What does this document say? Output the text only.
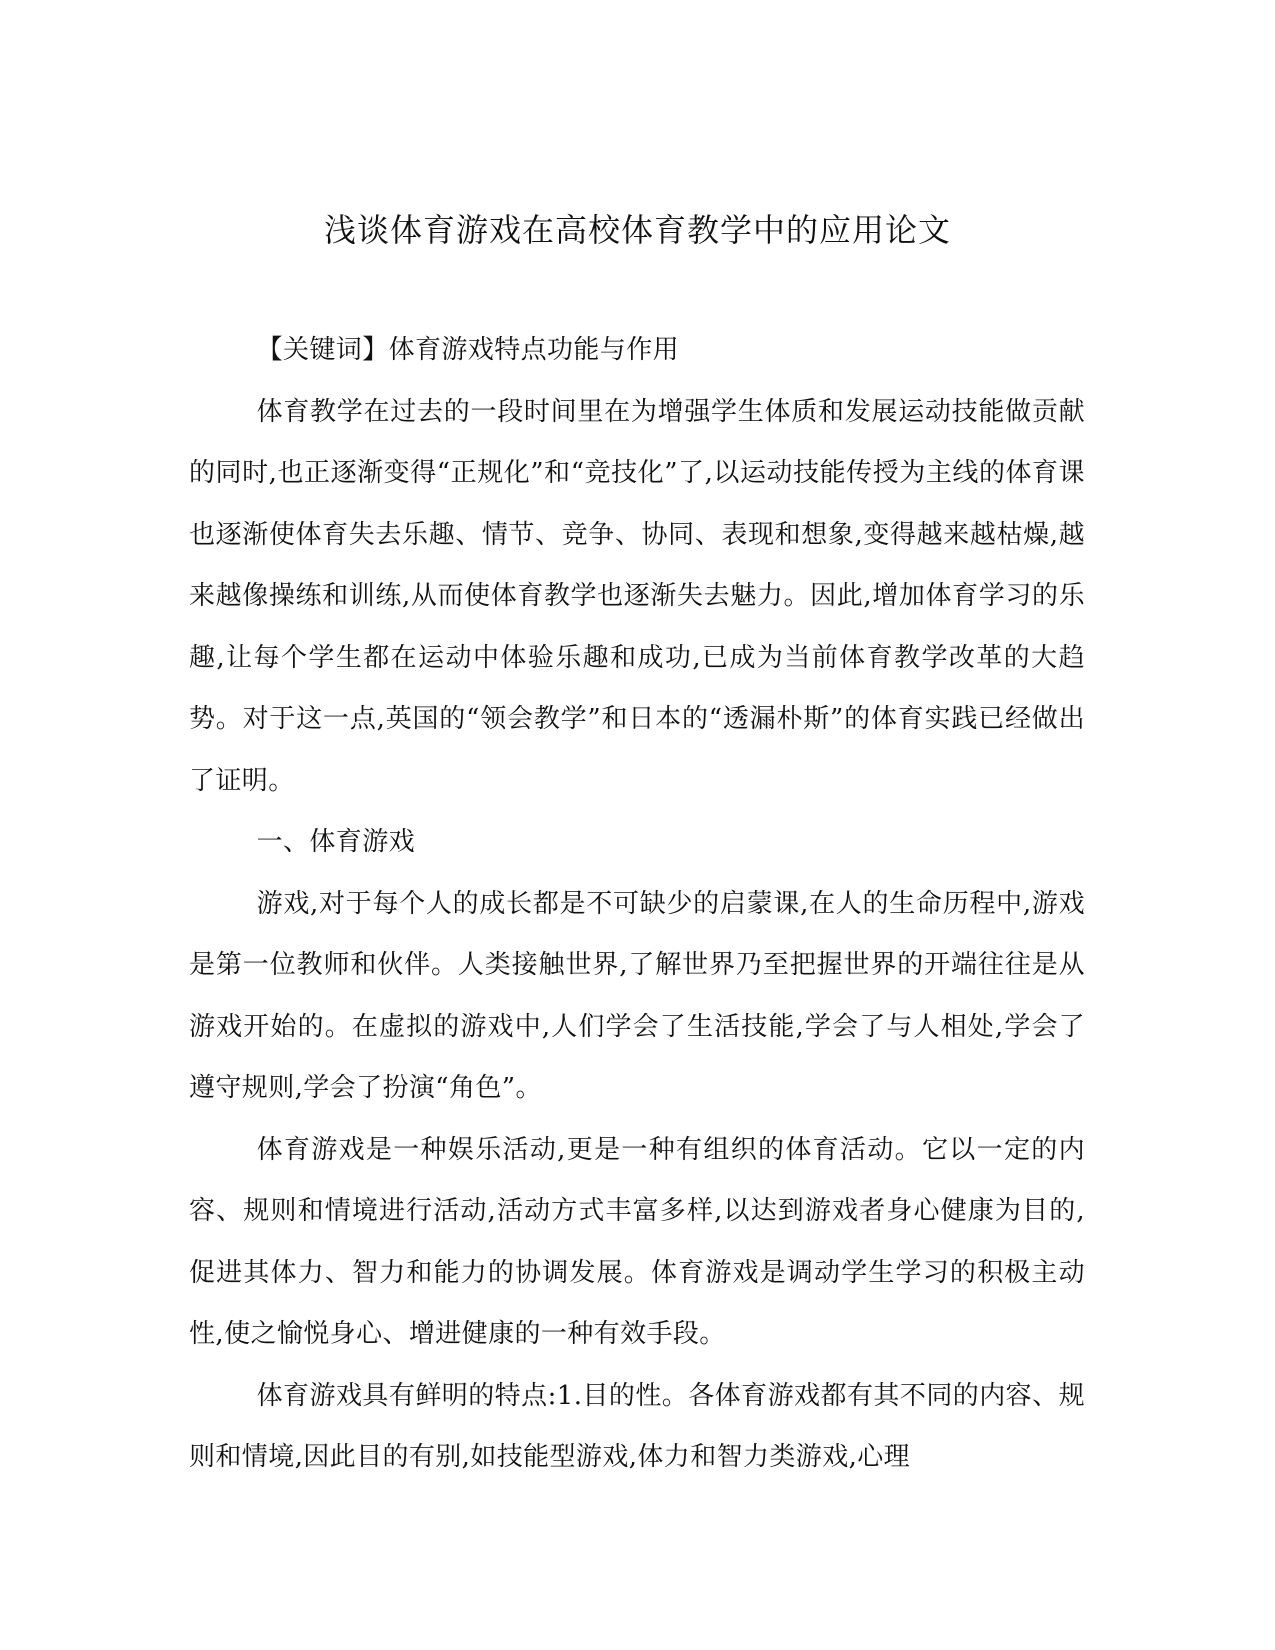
浅谈体育游戏在高校体育教学中的应用论文

【关键词】体育游戏特点功能与作用

体育教学在过去的一段时间里在为增强学生体质和发展运动技能做贡献的同时,也正逐渐变得“正规化”和“竞技化”了,以运动技能传授为主线的体育课也逐渐使体育失去乐趣、情节、竞争、协同、表现和想象,变得越来越枯燥,越来越像操练和训练,从而使体育教学也逐渐失去魅力。因此,增加体育学习的乐趣,让每个学生都在运动中体验乐趣和成功,已成为当前体育教学改革的大趋势。对于这一点,英国的“领会教学”和日本的“透漏朴斯”的体育实践已经做出了证明。

一、体育游戏

游戏,对于每个人的成长都是不可缺少的启蒙课,在人的生命历程中,游戏是第一位教师和伙伴。人类接触世界,了解世界乃至把握世界的开端往往是从游戏开始的。在虚拟的游戏中,人们学会了生活技能,学会了与人相处,学会了遵守规则,学会了扮演“角色”。

体育游戏是一种娱乐活动,更是一种有组织的体育活动。它以一定的内容、规则和情境进行活动,活动方式丰富多样,以达到游戏者身心健康为目的,促进其体力、智力和能力的协调发展。体育游戏是调动学生学习的积极主动性,使之愉悦身心、增进健康的一种有效手段。

体育游戏具有鲜明的特点:1.目的性。各体育游戏都有其不同的内容、规则和情境,因此目的有别,如技能型游戏,体力和智力类游戏,心理
